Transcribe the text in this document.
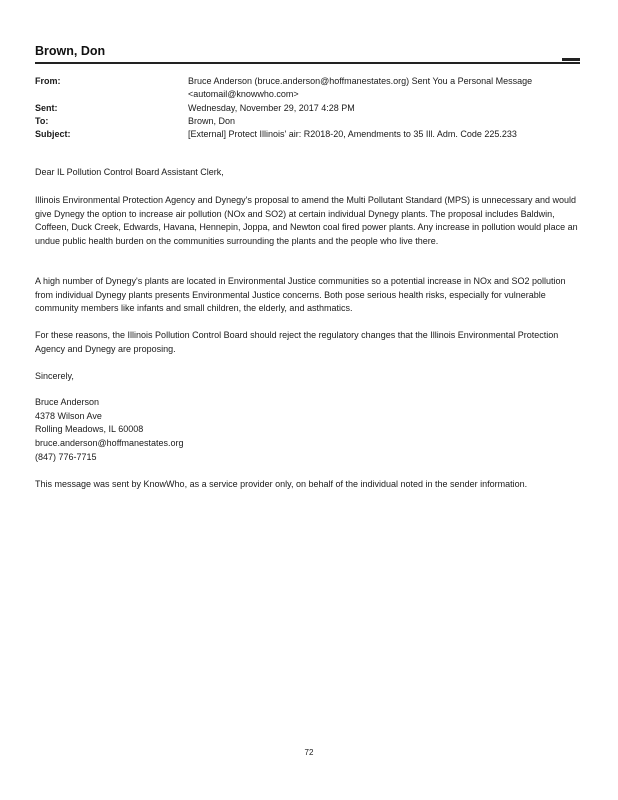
Brown, Don
From:	Bruce Anderson (bruce.anderson@hoffmanestates.org) Sent You a Personal Message <automail@knowwho.com>
Sent:	Wednesday, November 29, 2017 4:28 PM
To:	Brown, Don
Subject:	[External] Protect Illinois' air: R2018-20, Amendments to 35 Ill. Adm. Code 225.233
Dear IL Pollution Control Board Assistant Clerk,
Illinois Environmental Protection Agency and Dynegy's proposal to amend the Multi Pollutant Standard (MPS) is unnecessary and would give Dynegy the option to increase air pollution (NOx and SO2) at certain individual Dynegy plants. The proposal includes Baldwin, Coffeen, Duck Creek, Edwards, Havana, Hennepin, Joppa, and Newton coal fired power plants. Any increase in pollution would place an undue public health burden on the communities surrounding the plants and the people who live there.
A high number of Dynegy's plants are located in Environmental Justice communities so a potential increase in NOx and SO2 pollution from individual Dynegy plants presents Environmental Justice concerns. Both pose serious health risks, especially for vulnerable community members like infants and small children, the elderly, and asthmatics.
For these reasons, the Illinois Pollution Control Board should reject the regulatory changes that the Illinois Environmental Protection Agency and Dynegy are proposing.
Sincerely,
Bruce Anderson
4378 Wilson Ave
Rolling Meadows, IL 60008
bruce.anderson@hoffmanestates.org
(847) 776-7715
This message was sent by KnowWho, as a service provider only, on behalf of the individual noted in the sender information.
72
